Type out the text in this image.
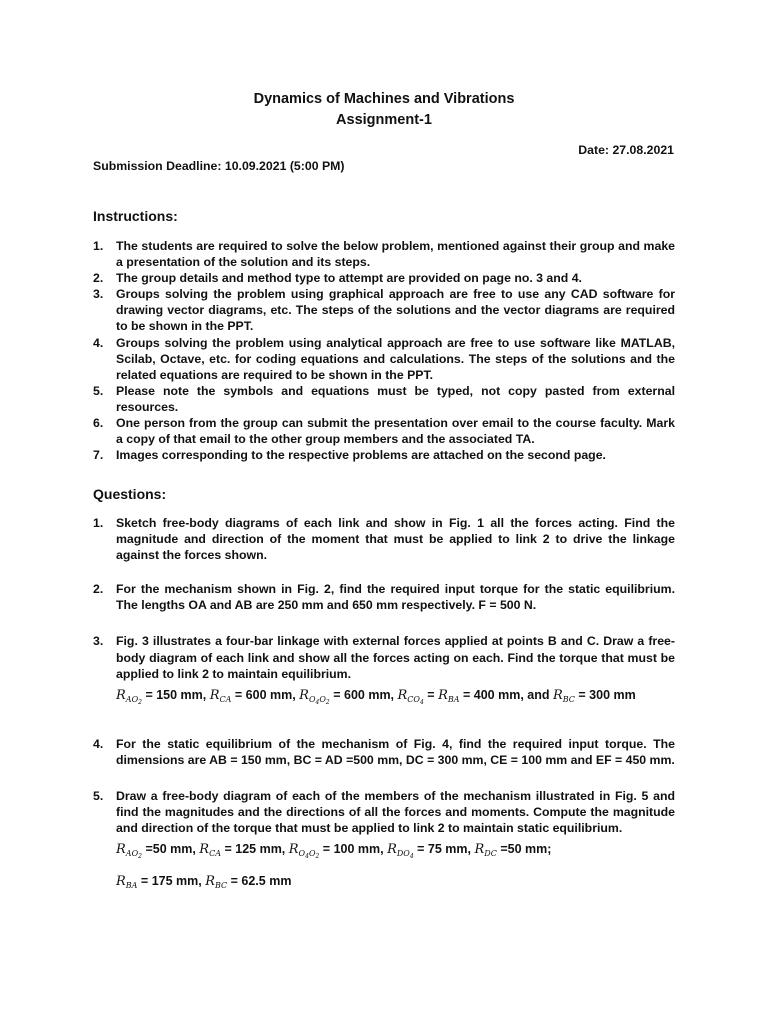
Dynamics of Machines and Vibrations
Assignment-1
Date: 27.08.2021
Submission Deadline: 10.09.2021 (5:00 PM)
Instructions:
1. The students are required to solve the below problem, mentioned against their group and make a presentation of the solution and its steps.
2. The group details and method type to attempt are provided on page no. 3 and 4.
3. Groups solving the problem using graphical approach are free to use any CAD software for drawing vector diagrams, etc. The steps of the solutions and the vector diagrams are required to be shown in the PPT.
4. Groups solving the problem using analytical approach are free to use software like MATLAB, Scilab, Octave, etc. for coding equations and calculations. The steps of the solutions and the related equations are required to be shown in the PPT.
5. Please note the symbols and equations must be typed, not copy pasted from external resources.
6. One person from the group can submit the presentation over email to the course faculty. Mark a copy of that email to the other group members and the associated TA.
7. Images corresponding to the respective problems are attached on the second page.
Questions:
1. Sketch free-body diagrams of each link and show in Fig. 1 all the forces acting. Find the magnitude and direction of the moment that must be applied to link 2 to drive the linkage against the forces shown.
2. For the mechanism shown in Fig. 2, find the required input torque for the static equilibrium. The lengths OA and AB are 250 mm and 650 mm respectively. F = 500 N.
3. Fig. 3 illustrates a four-bar linkage with external forces applied at points B and C. Draw a free-body diagram of each link and show all the forces acting on each. Find the torque that must be applied to link 2 to maintain equilibrium.
$R_{AO_2} = 150$ mm, $R_{CA} = 600$ mm, $R_{O_4O_2} = 600$ mm, $R_{CO_4} = R_{BA} = 400$ mm, and $R_{BC} = 300$ mm
4. For the static equilibrium of the mechanism of Fig. 4, find the required input torque. The dimensions are AB = 150 mm, BC = AD =500 mm, DC = 300 mm, CE = 100 mm and EF = 450 mm.
5. Draw a free-body diagram of each of the members of the mechanism illustrated in Fig. 5 and find the magnitudes and the directions of all the forces and moments. Compute the magnitude and direction of the torque that must be applied to link 2 to maintain static equilibrium.
$R_{AO_2} =50$ mm, $R_{CA} = 125$ mm, $R_{O_4O_2} = 100$ mm, $R_{DO_4} = 75$ mm, $R_{DC} =50$ mm;
$R_{BA} = 175$ mm, $R_{BC} = 62.5$ mm
